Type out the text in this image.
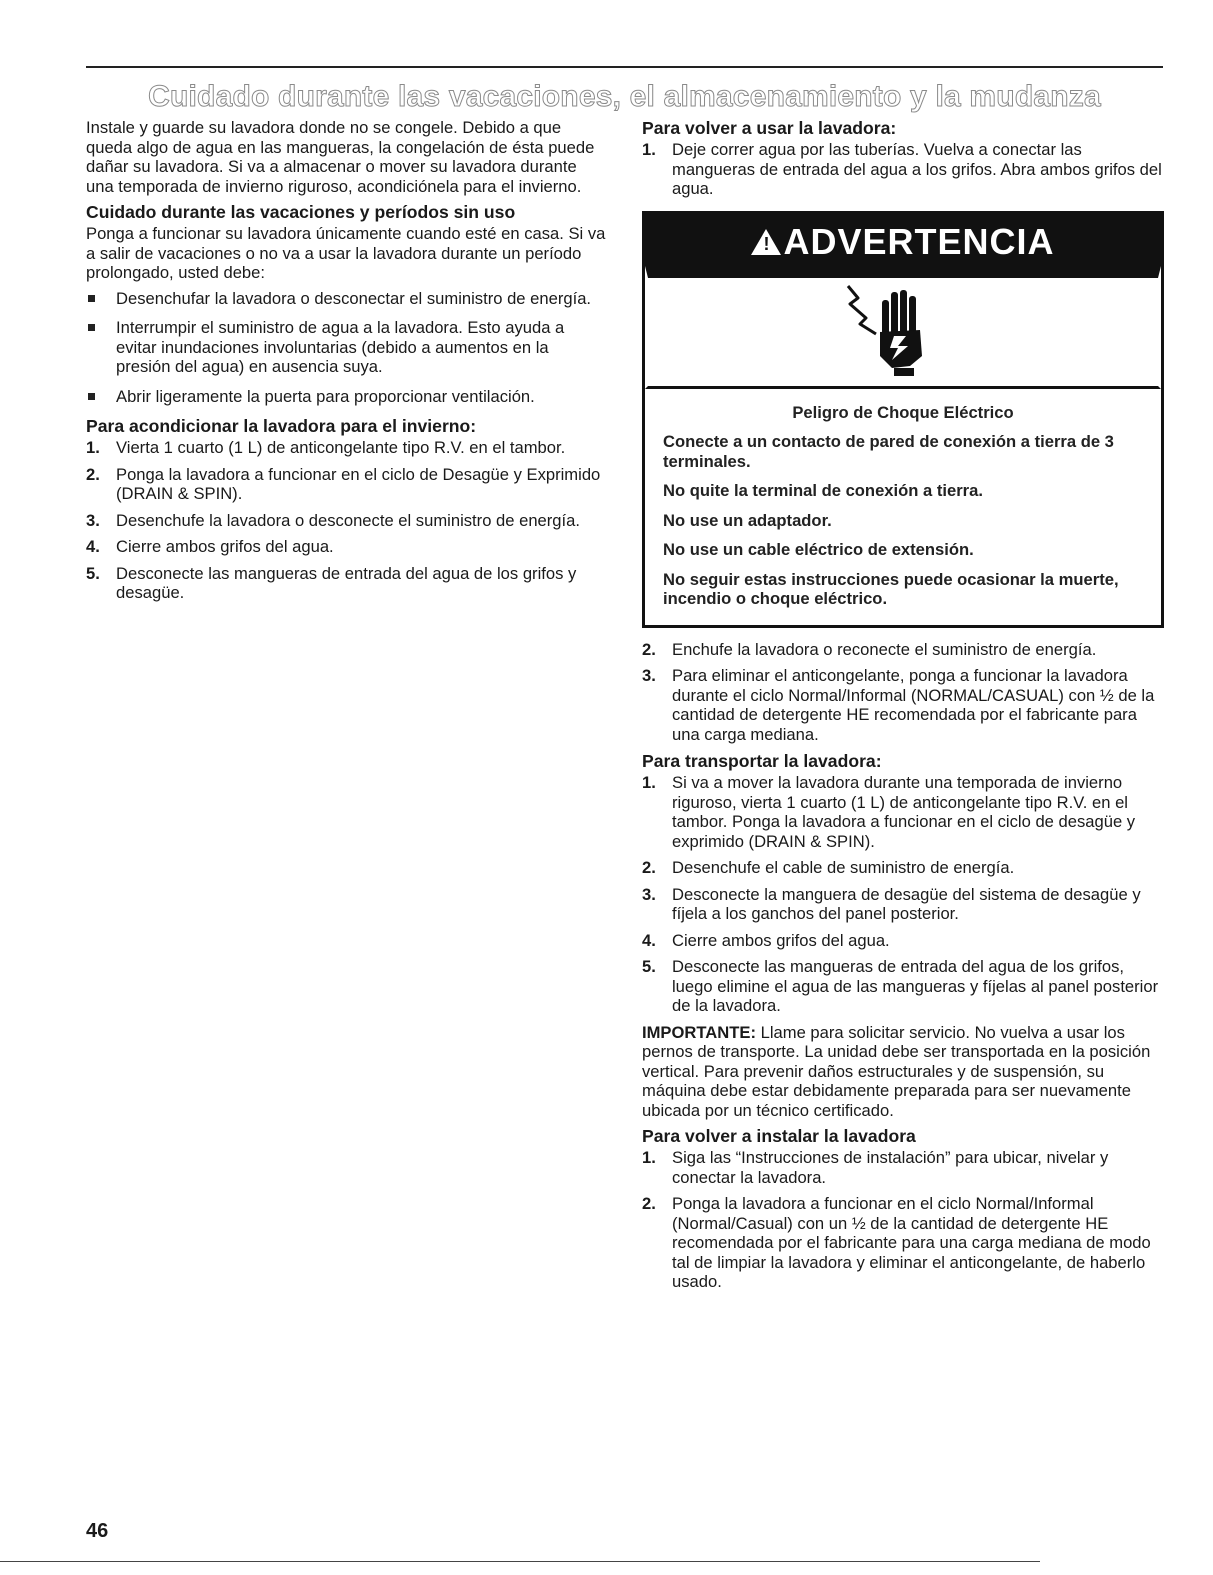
Cuidado durante las vacaciones, el almacenamiento y la mudanza

Instale y guarde su lavadora donde no se congele. Debido a que queda algo de agua en las mangueras, la congelación de ésta puede dañar su lavadora. Si va a almacenar o mover su lavadora durante una temporada de invierno riguroso, acondiciónela para el invierno.

Cuidado durante las vacaciones y períodos sin uso

Ponga a funcionar su lavadora únicamente cuando esté en casa. Si va a salir de vacaciones o no va a usar la lavadora durante un período prolongado, usted debe:

Desenchufar la lavadora o desconectar el suministro de energía.
Interrumpir el suministro de agua a la lavadora. Esto ayuda a evitar inundaciones involuntarias (debido a aumentos en la presión del agua) en ausencia suya.
Abrir ligeramente la puerta para proporcionar ventilación.
Para acondicionar la lavadora para el invierno:
1. Vierta 1 cuarto (1 L) de anticongelante tipo R.V. en el tambor.
2. Ponga la lavadora a funcionar en el ciclo de Desagüe y Exprimido (DRAIN & SPIN).
3. Desenchufe la lavadora o desconecte el suministro de energía.
4. Cierre ambos grifos del agua.
5. Desconecte las mangueras de entrada del agua de los grifos y desagüe.
Para volver a usar la lavadora:
1. Deje correr agua por las tuberías. Vuelva a conectar las mangueras de entrada del agua a los grifos. Abra ambos grifos del agua.
! ADVERTENCIA
Peligro de Choque Eléctrico

Conecte a un contacto de pared de conexión a tierra de 3 terminales.

No quite la terminal de conexión a tierra.

No use un adaptador.

No use un cable eléctrico de extensión.

No seguir estas instrucciones puede ocasionar la muerte, incendio o choque eléctrico.

2. Enchufe la lavadora o reconecte el suministro de energía.
3. Para eliminar el anticongelante, ponga a funcionar la lavadora durante el ciclo Normal/Informal (NORMAL/CASUAL) con ½ de la cantidad de detergente HE recomendada por el fabricante para una carga mediana.
Para transportar la lavadora:
1. Si va a mover la lavadora durante una temporada de invierno riguroso, vierta 1 cuarto (1 L) de anticongelante tipo R.V. en el tambor. Ponga la lavadora a funcionar en el ciclo de desagüe y exprimido (DRAIN & SPIN).
2. Desenchufe el cable de suministro de energía.
3. Desconecte la manguera de desagüe del sistema de desagüe y fíjela a los ganchos del panel posterior.
4. Cierre ambos grifos del agua.
5. Desconecte las mangueras de entrada del agua de los grifos, luego elimine el agua de las mangueras y fíjelas al panel posterior de la lavadora.

IMPORTANTE: Llame para solicitar servicio. No vuelva a usar los pernos de transporte. La unidad debe ser transportada en la posición vertical. Para prevenir daños estructurales y de suspensión, su máquina debe estar debidamente preparada para ser nuevamente ubicada por un técnico certificado.

Para volver a instalar la lavadora
1. Siga las “Instrucciones de instalación” para ubicar, nivelar y conectar la lavadora.
2. Ponga la lavadora a funcionar en el ciclo Normal/Informal (Normal/Casual) con un ½ de la cantidad de detergente HE recomendada por el fabricante para una carga mediana de modo tal de limpiar la lavadora y eliminar el anticongelante, de haberlo usado.
46
